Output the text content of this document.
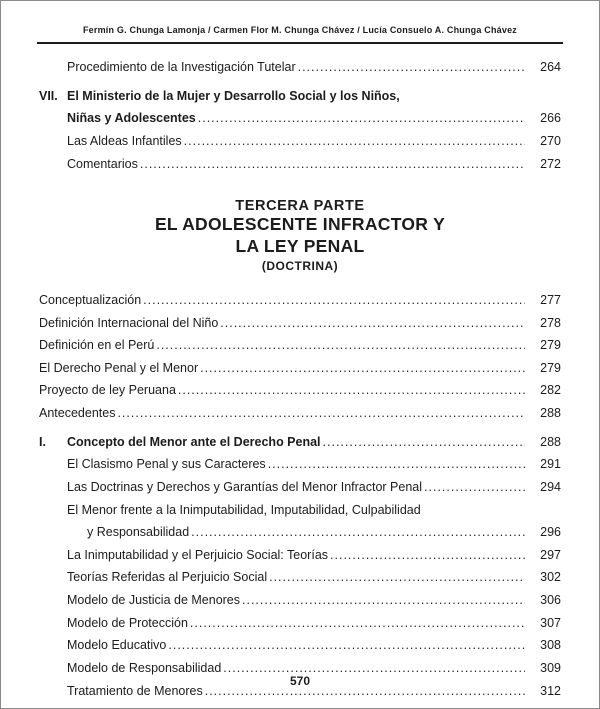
Fermín G. Chunga Lamonja / Carmen Flor M. Chunga Chávez / Lucía Consuelo A. Chunga Chávez
Procedimiento de la Investigación Tutelar .....	264
VII. El Ministerio de la Mujer y Desarrollo Social y los Niños,
Niñas y Adolescentes .....	266
Las Aldeas Infantiles .....	270
Comentarios .....	272
TERCERA PARTE
EL ADOLESCENTE INFRACTOR Y
LA LEY PENAL
(DOCTRINA)
Conceptualización .....	277
Definición Internacional del Niño .....	278
Definición en el Perú .....	279
El Derecho Penal y el Menor .....	279
Proyecto de ley Peruana .....	282
Antecedentes .....	288
I.	Concepto del Menor ante el Derecho Penal .....	288
El Clasismo Penal y sus Caracteres .....	291
Las Doctrinas y Derechos y Garantías del Menor Infractor Penal .....	294
El Menor frente a la Inimputabilidad, Imputabilidad, Culpabilidad
y Responsabilidad .....	296
La Inimputabilidad y el Perjuicio Social: Teorías .....	297
Teorías Referidas al Perjuicio Social .....	302
Modelo de Justicia de Menores .....	306
Modelo de Protección .....	307
Modelo Educativo .....	308
Modelo de Responsabilidad .....	309
Tratamiento de Menores .....	312
570
